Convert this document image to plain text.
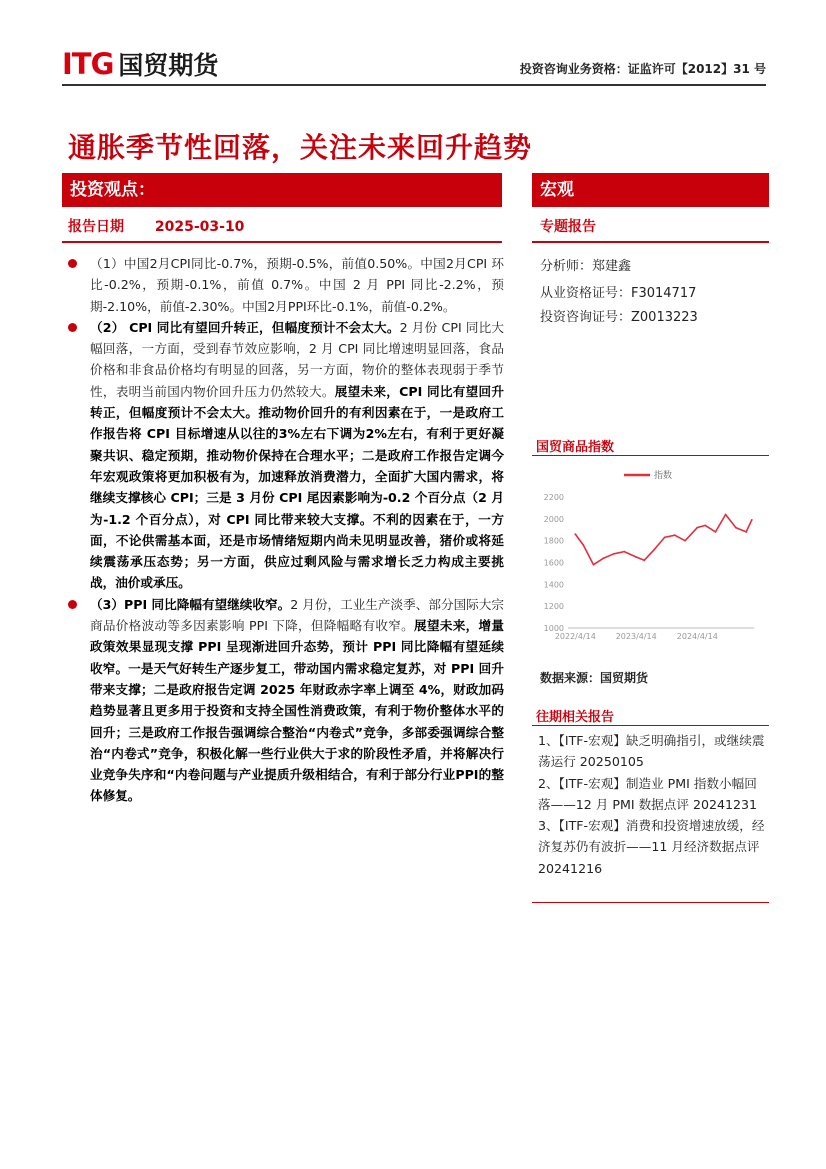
ITG 国贸期货	投资咨询业务资格：证监许可【2012】31 号
通胀季节性回落，关注未来回升趋势
投资观点：	宏观
报告日期 2025-03-10	专题报告
分析师：郑建鑫
从业资格证号：F3014717
投资咨询证号：Z0013223
（1）中国2月CPI同比-0.7%，预期-0.5%，前值0.50%。中国2月CPI 环比-0.2%，预期-0.1%，前值 0.7%。中国 2 月 PPI 同比-2.2%，预期-2.10%，前值-2.30%。中国2月PPI环比-0.1%，前值-0.2%。
（2） CPI 同比有望回升转正，但幅度预计不会太大。2 月份 CPI 同比大幅回落，一方面，受到春节效应影响，2 月 CPI 同比增速明显回落，食品价格和非食品价格均有明显的回落，另一方面，物价的整体表现弱于季节性，表明当前国内物价回升压力仍然较大。展望未来，CPI 同比有望回升转正，但幅度预计不会太大。推动物价回升的有利因素在于，一是政府工作报告将 CPI 目标增速从以往的3%左右下调为2%左右，有利于更好凝聚共识、稳定预期，推动物价保持在合理水平；二是政府工作报告定调今年宏观政策将更加积极有为，加速释放消费潜力，全面扩大国内需求，将继续支撑核心 CPI；三是 3 月份 CPI 尾因素影响为-0.2 个百分点（2 月为-1.2 个百分点），对 CPI 同比带来较大支撑。不利的因素在于，一方面，不论供需基本面，还是市场情绪短期内尚未见明显改善，猪价或将延续震荡承压态势；另一方面，供应过剩风险与需求增长乏力构成主要挑战，油价或承压。
（3）PPI 同比降幅有望继续收窄。2 月份，工业生产淡季、部分国际大宗商品价格波动等多因素影响 PPI 下降，但降幅略有收窄。展望未来，增量政策效果显现支撑 PPI 呈现渐进回升态势，预计 PPI 同比降幅有望延续收窄。一是天气好转生产逐步复工，带动国内需求稳定复苏，对 PPI 回升带来支撑；二是政府报告定调 2025 年财政赤字率上调至 4%，财政加码趋势显著且更多用于投资和支持全国性消费政策，有利于物价整体水平的回升；三是政府工作报告强调综合整治“内卷式”竞争，多部委强调综合整治“内卷式”竞争，积极化解一些行业供大于求的阶段性矛盾，并将解决行业竞争失序和“内卷问题与产业提质升级相结合，有利于部分行业PPI的整体修复。
国贸商品指数
1000
1200
1400
1600
1800
2000
2200
2022/4/14 2023/4/14	2024/4/14
指数
数据来源：国贸期货
往期相关报告

1、【ITF-宏观】缺乏明确指引，或继续震荡运行 20250105

2、【ITF-宏观】制造业 PMI 指数小幅回落——12 月 PMI 数据点评 20241231

3、【ITF-宏观】消费和投资增速放缓，经济复苏仍有波折——11 月经济数据点评 20241216
